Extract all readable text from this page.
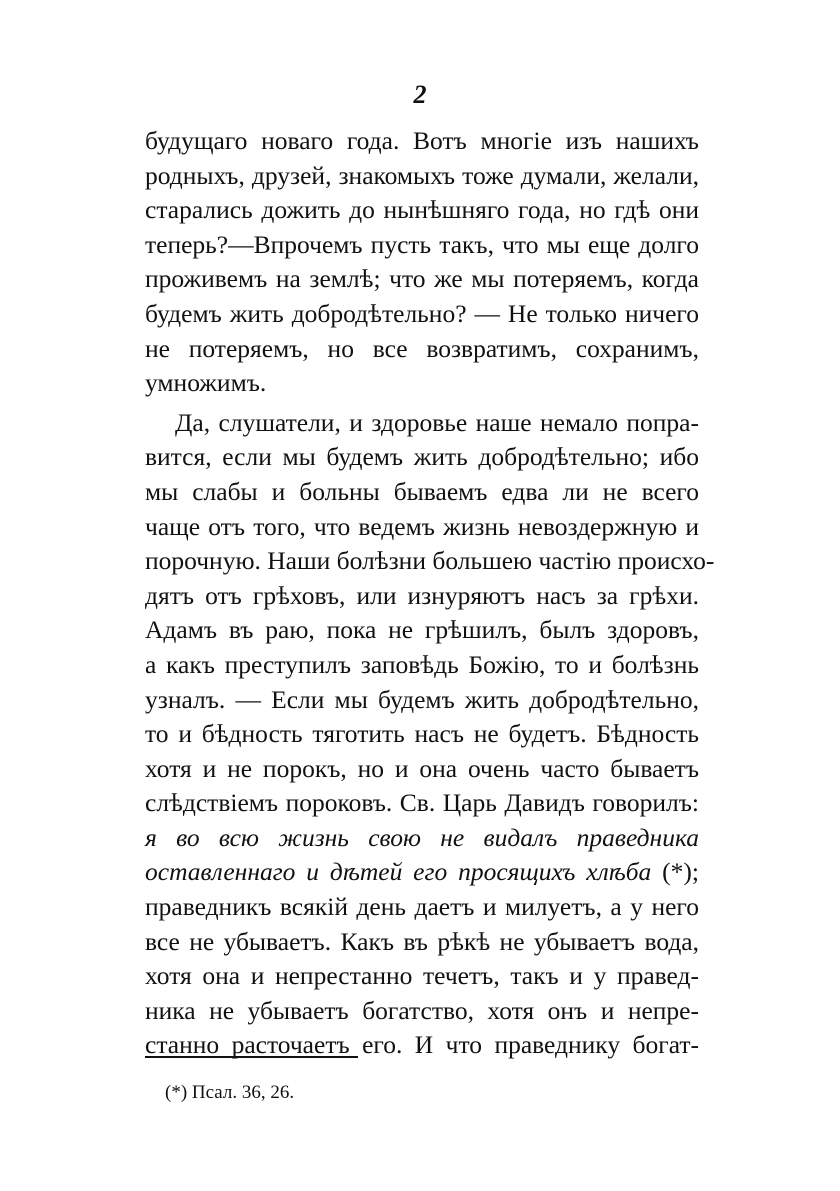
2
будущаго новаго года. Вотъ многiе изъ нашихъ
родныхъ, друзей, знакомыхъ тоже думали, желали,
старались дожить до нынѣшняго года, но гдѣ они
теперь?—Впрочемъ пусть такъ, что мы еще долго
проживемъ на землѣ; что же мы потеряемъ, когда
будемъ жить добродѣтельно? — Не только ничего
не потеряемъ, но все возвратимъ, сохранимъ,
умножимъ.
Да, слушатели, и здоровье наше немало попра-
вится, если мы будемъ жить добродѣтельно; ибо
мы слабы и больны бываемъ едва ли не всего
чаще отъ того, что ведемъ жизнь невоздержную и
порочную. Наши болѣзни большею частiю происхо-
дятъ отъ грѣховъ, или изнуряютъ насъ за грѣхи.
Адамъ въ раю, пока не грѣшилъ, былъ здоровъ,
а какъ преступилъ заповѣдь Божiю, то и болѣзнь
узналъ. — Если мы будемъ жить добродѣтельно,
то и бѣдность тяготить насъ не будетъ. Бѣдность
хотя и не порокъ, но и она очень часто бываетъ
слѣдствiемъ пороковъ. Св. Царь Давидъ говорилъ:
я во всю жизнь свою не видалъ праведника
оставленнаго и дѣтей его просящихъ хлѣба (*);
праведникъ всякiй день даетъ и милуетъ, а у него
все не убываетъ. Какъ въ рѣкѣ не убываетъ вода,
хотя она и непрестанно течетъ, такъ и у правед-
ника не убываетъ богатство, хотя онъ и непре-
станно расточаетъ его. И что праведнику богат-
(*) Псал. 36, 26.
